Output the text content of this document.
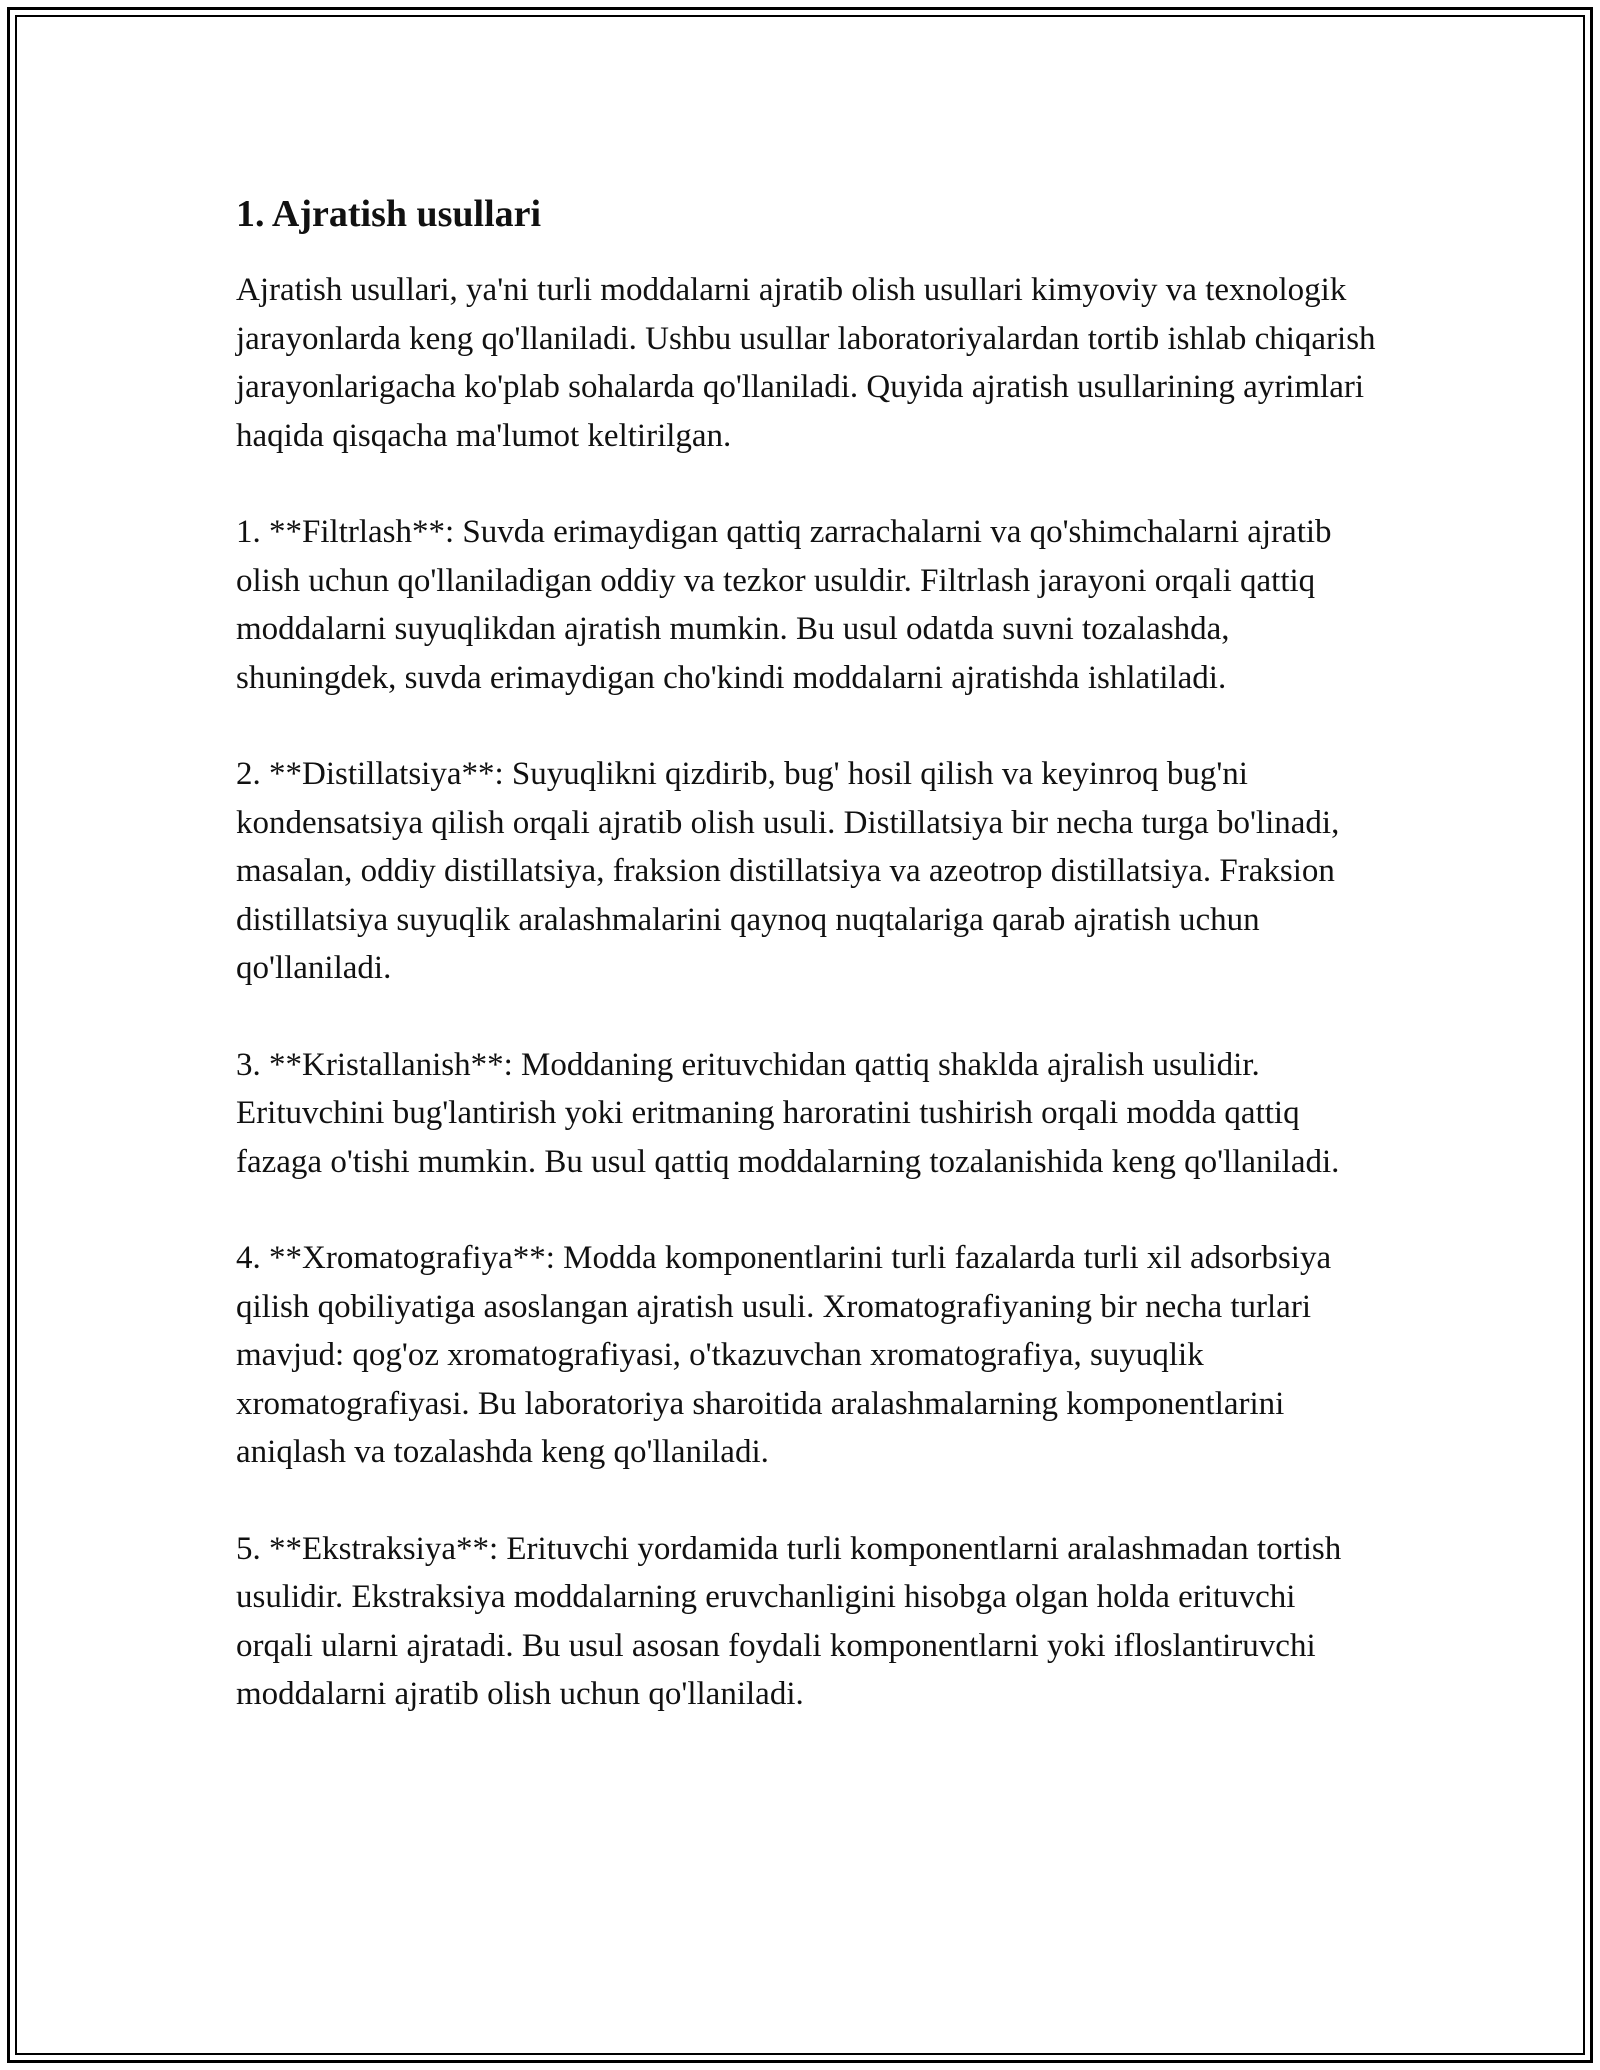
1. Ajratish usullari

Ajratish usullari, ya'ni turli moddalarni ajratib olish usullari kimyoviy va texnologik jarayonlarda keng qo'llaniladi. Ushbu usullar laboratoriyalardan tortib ishlab chiqarish jarayonlarigacha ko'plab sohalarda qo'llaniladi. Quyida ajratish usullarining ayrimlari haqida qisqacha ma'lumot keltirilgan.

1. **Filtrlash**: Suvda erimaydigan qattiq zarrachalarni va qo'shimchalarni ajratib olish uchun qo'llaniladigan oddiy va tezkor usuldir. Filtrlash jarayoni orqali qattiq moddalarni suyuqlikdan ajratish mumkin. Bu usul odatda suvni tozalashda, shuningdek, suvda erimaydigan cho'kindi moddalarni ajratishda ishlatiladi.

2. **Distillatsiya**: Suyuqlikni qizdirib, bug' hosil qilish va keyinroq bug'ni kondensatsiya qilish orqali ajratib olish usuli. Distillatsiya bir necha turga bo'linadi, masalan, oddiy distillatsiya, fraksion distillatsiya va azeotrop distillatsiya. Fraksion distillatsiya suyuqlik aralashmalarini qaynoq nuqtalariga qarab ajratish uchun qo'llaniladi.

3. **Kristallanish**: Moddaning erituvchidan qattiq shaklda ajralish usulidir. Erituvchini bug'lantirish yoki eritmaning haroratini tushirish orqali modda qattiq fazaga o'tishi mumkin. Bu usul qattiq moddalarning tozalanishida keng qo'llaniladi.

4. **Xromatografiya**: Modda komponentlarini turli fazalarda turli xil adsorbsiya qilish qobiliyatiga asoslangan ajratish usuli. Xromatografiyaning bir necha turlari mavjud: qog'oz xromatografiyasi, o'tkazuvchan xromatografiya, suyuqlik xromatografiyasi. Bu laboratoriya sharoitida aralashmalarning komponentlarini aniqlash va tozalashda keng qo'llaniladi.

5. **Ekstraksiya**: Erituvchi yordamida turli komponentlarni aralashmadan tortish usulidir. Ekstraksiya moddalarning eruvchanligini hisobga olgan holda erituvchi orqali ularni ajratadi. Bu usul asosan foydali komponentlarni yoki ifloslantiruvchi moddalarni ajratib olish uchun qo'llaniladi.
